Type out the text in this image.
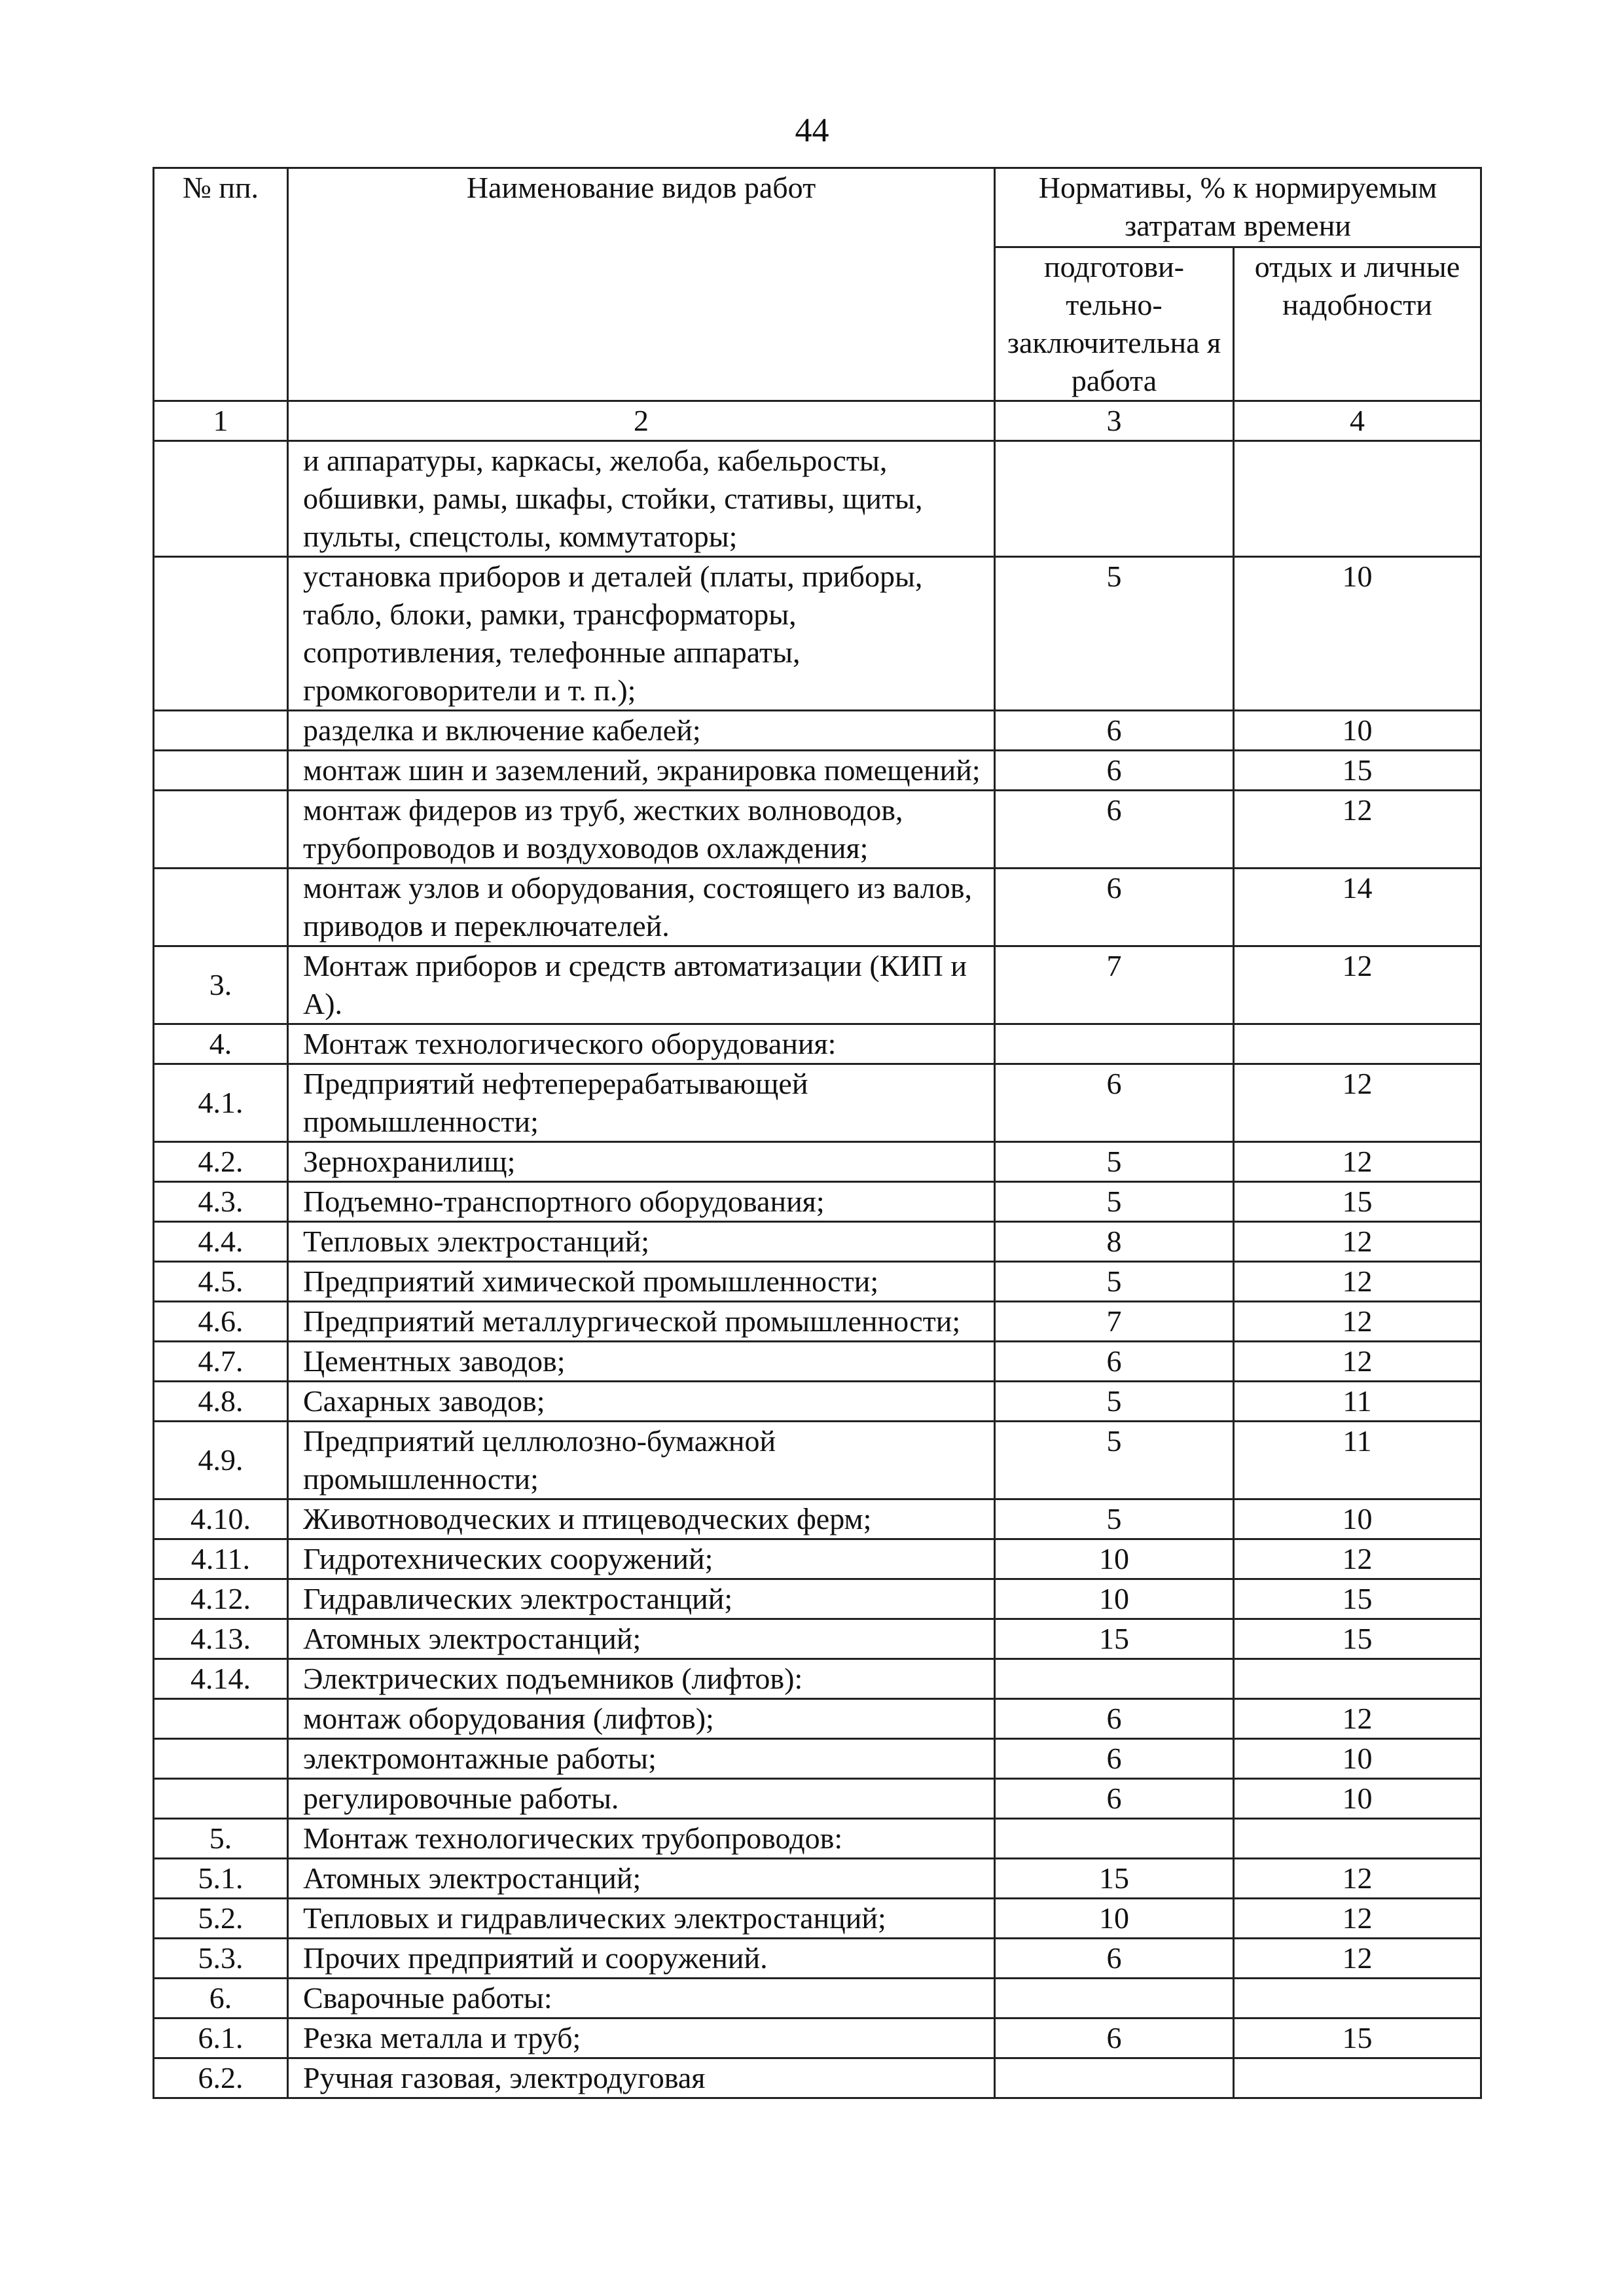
44
№ пп.	Наименование видов работ	Нормативы, % к нормируемым затратам времени	
		подготови-тельно-заключительна я работа	отдых и личные надобности
1	2	3	4
	и аппаратуры, каркасы, желоба, кабельросты, обшивки, рамы, шкафы, стойки, стативы, щиты, пульты, спецстолы, коммутаторы;		
	установка приборов и деталей (платы, приборы, табло, блоки, рамки, трансформаторы, сопротивления, телефонные аппараты, громкоговорители и т. п.);	5	10
	разделка и включение кабелей;	6	10
	монтаж шин и заземлений, экранировка помещений;	6	15
	монтаж фидеров из труб, жестких волноводов, трубопроводов и воздуховодов охлаждения;	6	12
	монтаж узлов и оборудования, состоящего из валов, приводов и переключателей.	6	14
3.	Монтаж приборов и средств автоматизации (КИП и А).	7	12
4.	Монтаж технологического оборудования:		
4.1.	Предприятий нефтеперерабатывающей промышленности;	6	12
4.2.	Зернохранилищ;	5	12
4.3.	Подъемно-транспортного оборудования;	5	15
4.4.	Тепловых электростанций;	8	12
4.5.	Предприятий химической промышленности;	5	12
4.6.	Предприятий металлургической промышленности;	7	12
4.7.	Цементных заводов;	6	12
4.8.	Сахарных заводов;	5	11
4.9.	Предприятий целлюлозно-бумажной промышленности;	5	11
4.10.	Животноводческих и птицеводческих ферм;	5	10
4.11.	Гидротехнических сооружений;	10	12
4.12.	Гидравлических электростанций;	10	15
4.13.	Атомных электростанций;	15	15
4.14.	Электрических подъемников (лифтов):		
	монтаж оборудования (лифтов);	6	12
	электромонтажные работы;	6	10
	регулировочные работы.	6	10
5.	Монтаж технологических трубопроводов:		
5.1.	Атомных электростанций;	15	12
5.2.	Тепловых и гидравлических электростанций;	10	12
5.3.	Прочих предприятий и сооружений.	6	12
6.	Сварочные работы:		
6.1.	Резка металла и труб;	6	15
6.2.	Ручная газовая, электродуговая		
